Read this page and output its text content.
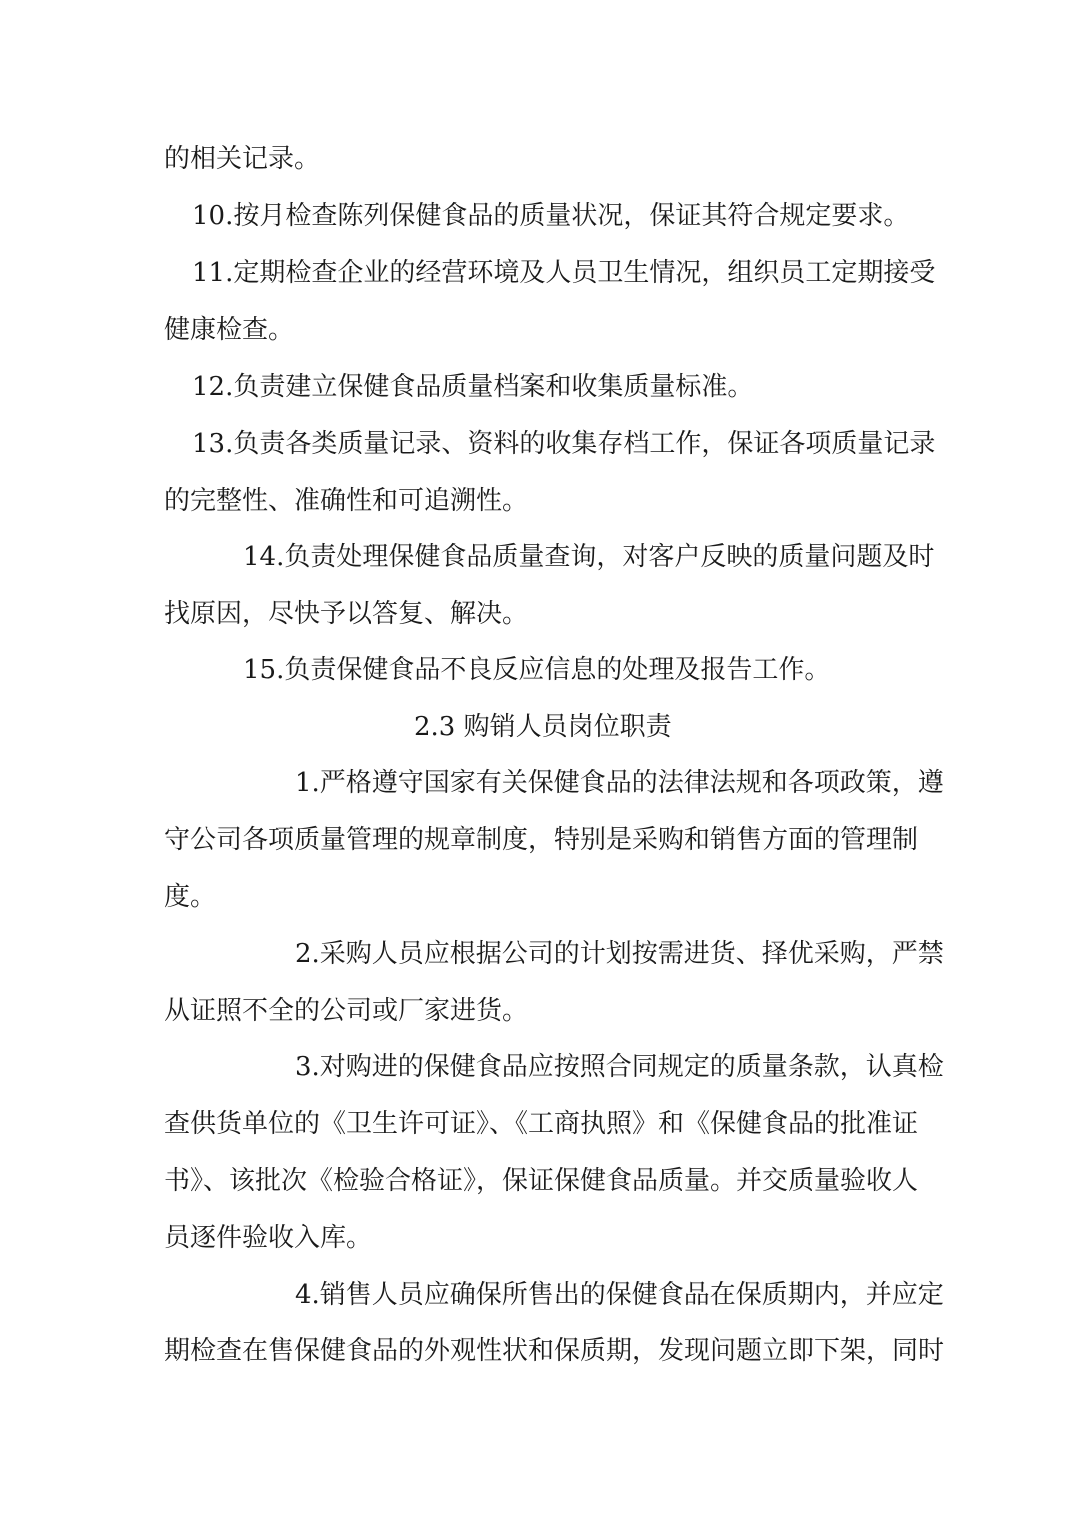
的相关记录。
10.按月检查陈列保健食品的质量状况，保证其符合规定要求。
11.定期检查企业的经营环境及人员卫生情况，组织员工定期接受
健康检查。
12.负责建立保健食品质量档案和收集质量标准。
13.负责各类质量记录、资料的收集存档工作，保证各项质量记录
的完整性、准确性和可追溯性。
14.负责处理保健食品质量查询，对客户反映的质量问题及时
找原因，尽快予以答复、解决。
15.负责保健食品不良反应信息的处理及报告工作。
2.3 购销人员岗位职责
1.严格遵守国家有关保健食品的法律法规和各项政策，遵
守公司各项质量管理的规章制度，特别是采购和销售方面的管理制
度。
2.采购人员应根据公司的计划按需进货、择优采购，严禁
从证照不全的公司或厂家进货。
3.对购进的保健食品应按照合同规定的质量条款，认真检
查供货单位的《卫生许可证》、《工商执照》和《保健食品的批准证
书》、该批次《检验合格证》，保证保健食品质量。并交质量验收人
员逐件验收入库。
4.销售人员应确保所售出的保健食品在保质期内，并应定
期检查在售保健食品的外观性状和保质期，发现问题立即下架，同时
